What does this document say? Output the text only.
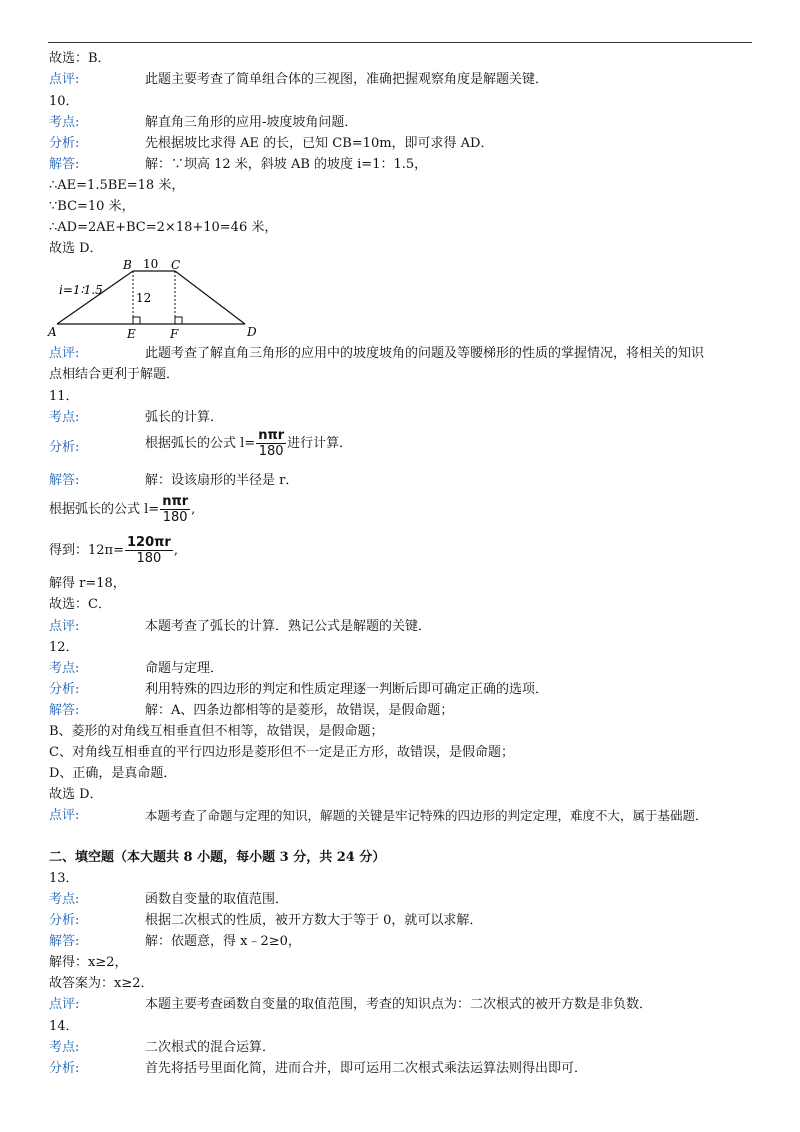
故选：B．
点评:	此题主要考查了简单组合体的三视图，准确把握观察角度是解题关键．
10．
考点:	解直角三角形的应用-坡度坡角问题．
分析:	先根据坡比求得 AE 的长，已知 CB=10m，即可求得 AD．
解答:	解：∵坝高 12 米，斜坡 AB 的坡度 i=1：1.5，
∴AE=1.5BE=18 米，
∵BC=10 米，
∴AD=2AE+BC=2×18+10=46 米，
故选 D．
i=1∶1.5
10
12
B	C
A	E	F	D
点评:	此题考查了解直角三角形的应用中的坡度坡角的问题及等腰梯形的性质的掌握情况，将相关的知识
点相结合更利于解题．
11．
考点:	弧长的计算．
分析:	根据弧长的公式 $l= \frac{\text{nπr}}{180}$ 进行计算．
解答:	解：设该扇形的半径是 r．
根据弧长的公式 $l= \frac{\text{nπr}}{180}$ ,
得到：$12\pi= \frac{120\pi r}{180}$ ,
解得 r=18，
故选：C．
点评:	本题考查了弧长的计算．熟记公式是解题的关键．
12．
考点:	命题与定理．
分析:	利用特殊的四边形的判定和性质定理逐一判断后即可确定正确的选项．
解答:	解：A、四条边都相等的是菱形，故错误，是假命题；
B、菱形的对角线互相垂直但不相等，故错误，是假命题；
C、对角线互相垂直的平行四边形是菱形但不一定是正方形，故错误，是假命题；
D、正确，是真命题．
故选 D．
点评:	本题考查了命题与定理的知识，解题的关键是牢记特殊的四边形的判定定理，难度不大，属于基础题．
二、填空题（本大题共 8 小题，每小题 3 分，共 24 分）
13．
考点:	函数自变量的取值范围．
分析:	根据二次根式的性质，被开方数大于等于 0，就可以求解．
解答:	解：依题意，得 x﹣2≥0，
解得：x≥2，
故答案为：x≥2．
点评:	本题主要考查函数自变量的取值范围，考查的知识点为：二次根式的被开方数是非负数．
14．
考点:	二次根式的混合运算．
分析:	首先将括号里面化简，进而合并，即可运用二次根式乘法运算法则得出即可．
